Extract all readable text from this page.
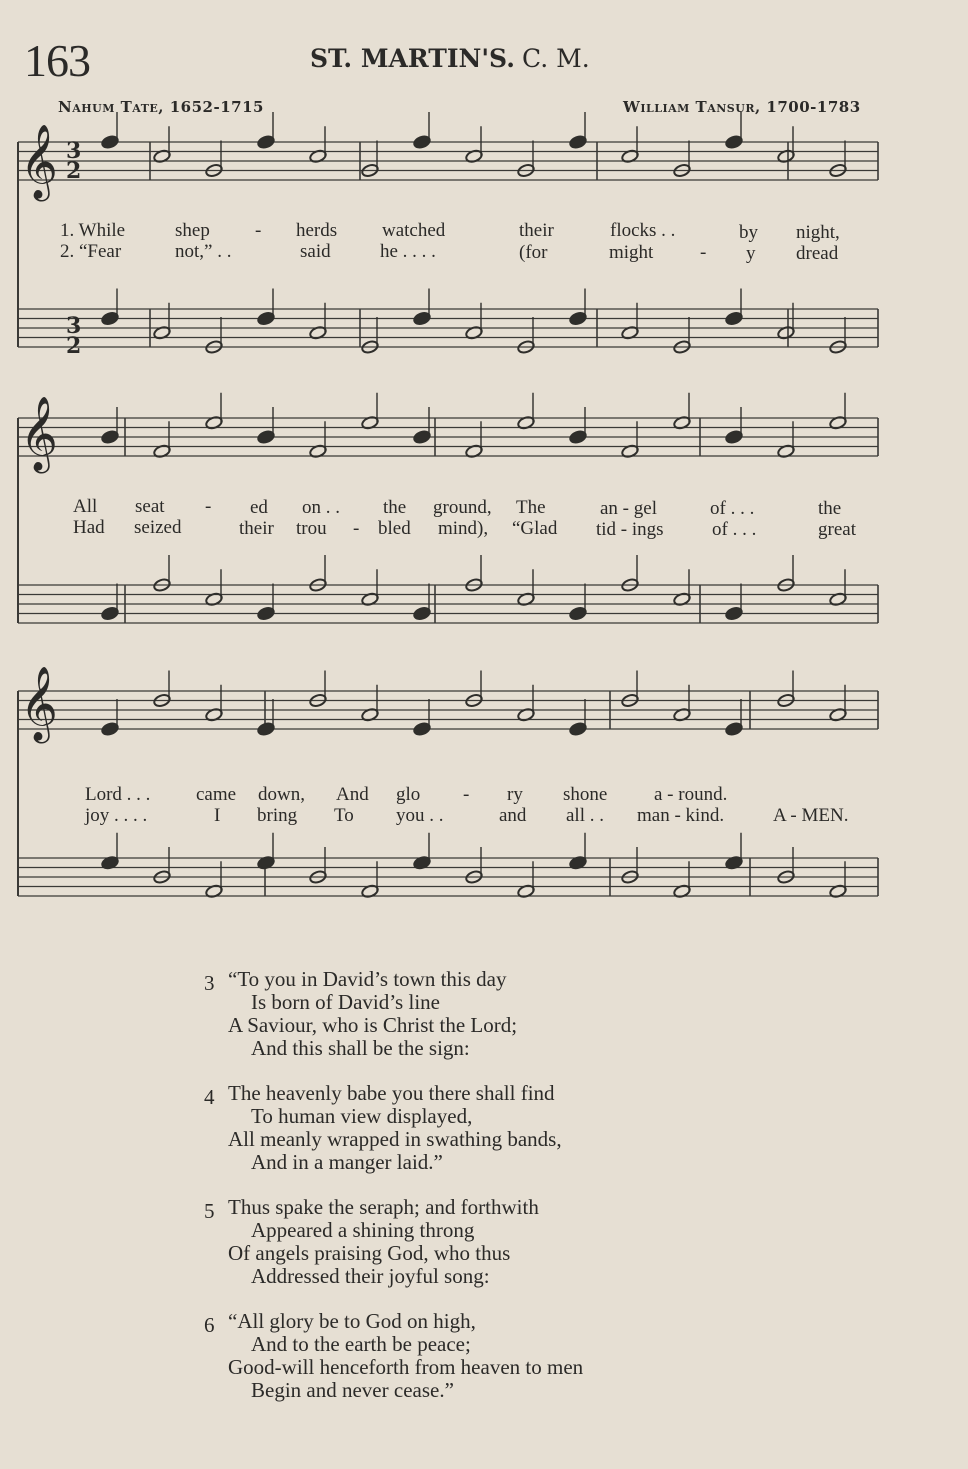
163	ST. MARTIN'S. C. M.
Nahum Tate, 1652-1715	William Tansur, 1700-1783
𝄞
𝄞
𝄞
3
2
3
2
1. While	shep - herds watched	their	flocks . .	by night,
2. “Fear	not,” . .	said	he . . . .	(for	might - y dread
All seat - ed on . . the ground, The	an - gel	of . . .	the
Had seized	their trou - bled mind), “Glad tid - ings	of . . .	great
Lord . . . came down, And glo - ry shone a - round.
joy . . . .	I bring To you . .	and all . . man - kind.	A - MEN.
3 “To you in David’s town this day
Is born of David’s line
A Saviour, who is Christ the Lord;
And this shall be the sign:
4 The heavenly babe you there shall find
To human view displayed,
All meanly wrapped in swathing bands,
And in a manger laid.”
5 Thus spake the seraph; and forthwith
Appeared a shining throng
Of angels praising God, who thus
Addressed their joyful song:
6 “All glory be to God on high,
And to the earth be peace;
Good-will henceforth from heaven to men
Begin and never cease.”
